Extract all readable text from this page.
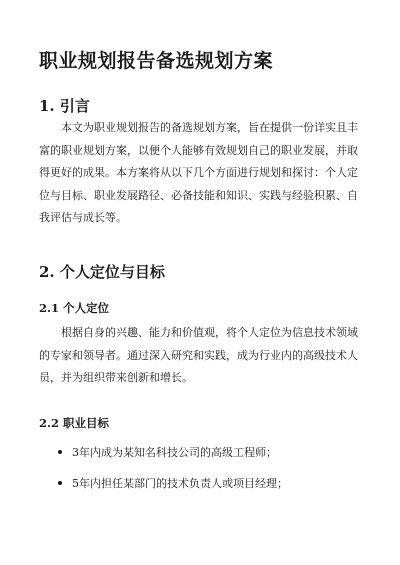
职业规划报告备选规划方案
1. 引言
本文为职业规划报告的备选规划方案，旨在提供一份详实且丰
富的职业规划方案，以便个人能够有效规划自己的职业发展，并取
得更好的成果。本方案将从以下几个方面进行规划和探讨：个人定
位与目标、职业发展路径、必备技能和知识、实践与经验积累、自
我评估与成长等。
2. 个人定位与目标
2.1 个人定位
根据自身的兴趣、能力和价值观，将个人定位为信息技术领域
的专家和领导者。通过深入研究和实践，成为行业内的高级技术人
员，并为组织带来创新和增长。
2.2 职业目标
3年内成为某知名科技公司的高级工程师；
5年内担任某部门的技术负责人或项目经理；
